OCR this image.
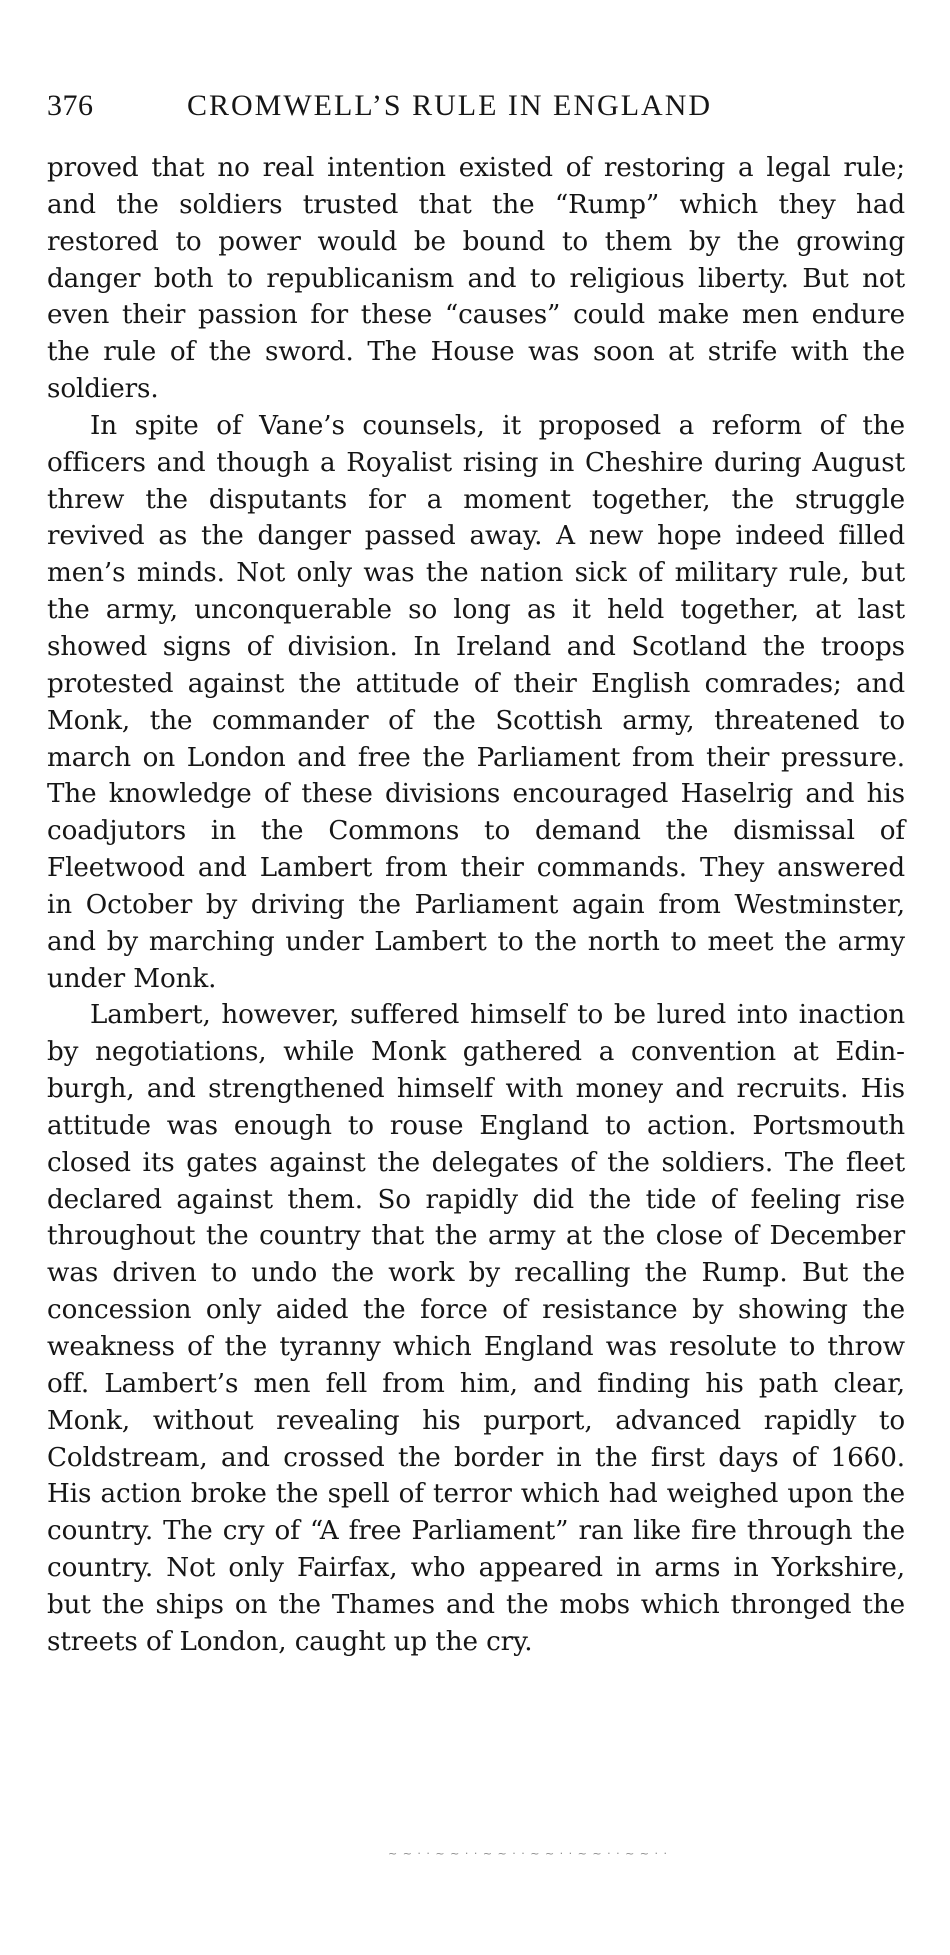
376	CROMWELL’S RULE IN ENGLAND

proved that no real intention existed of restoring a legal rule; and the soldiers trusted that the “Rump” which they had restored to power would be bound to them by the growing danger both to republicanism and to religious liberty. But not even their passion for these “causes” could make men endure the rule of the sword. The House was soon at strife with the soldiers.

In spite of Vane’s counsels, it proposed a reform of the officers and though a Royalist rising in Cheshire during August threw the disputants for a moment together, the struggle revived as the danger passed away. A new hope indeed filled men’s minds. Not only was the nation sick of military rule, but the army, unconquerable so long as it held together, at last showed signs of division. In Ireland and Scotland the troops protested against the attitude of their English comrades; and Monk, the commander of the Scottish army, threatened to march on London and free the Parliament from their pressure. The knowledge of these divisions encouraged Haselrig and his coadjutors in the Commons to demand the dismissal of Fleetwood and Lambert from their commands. They answered in October by driving the Parliament again from Westminster, and by marching under Lambert to the north to meet the army under Monk.

Lambert, however, suffered himself to be lured into inaction by negotiations, while Monk gathered a convention at Edinburgh, and strengthened himself with money and recruits. His attitude was enough to rouse England to action. Portsmouth closed its gates against the delegates of the soldiers. The fleet declared against them. So rapidly did the tide of feeling rise throughout the country that the army at the close of December was driven to undo the work by recalling the Rump. But the concession only aided the force of resistance by showing the weakness of the tyranny which England was resolute to throw off. Lambert’s men fell from him, and finding his path clear, Monk, without revealing his purport, advanced rapidly to Coldstream, and crossed the border in the first days of 1660. His action broke the spell of terror which had weighed upon the country. The cry of “A free Parliament” ran like fire through the country. Not only Fairfax, who appeared in arms in Yorkshire, but the ships on the Thames and the mobs which thronged the streets of London, caught up the cry.

~ ~ · · ~ ~ · · ~ ~ · · ~ ~ · · ~ ~ · · ~ ~ · ·
